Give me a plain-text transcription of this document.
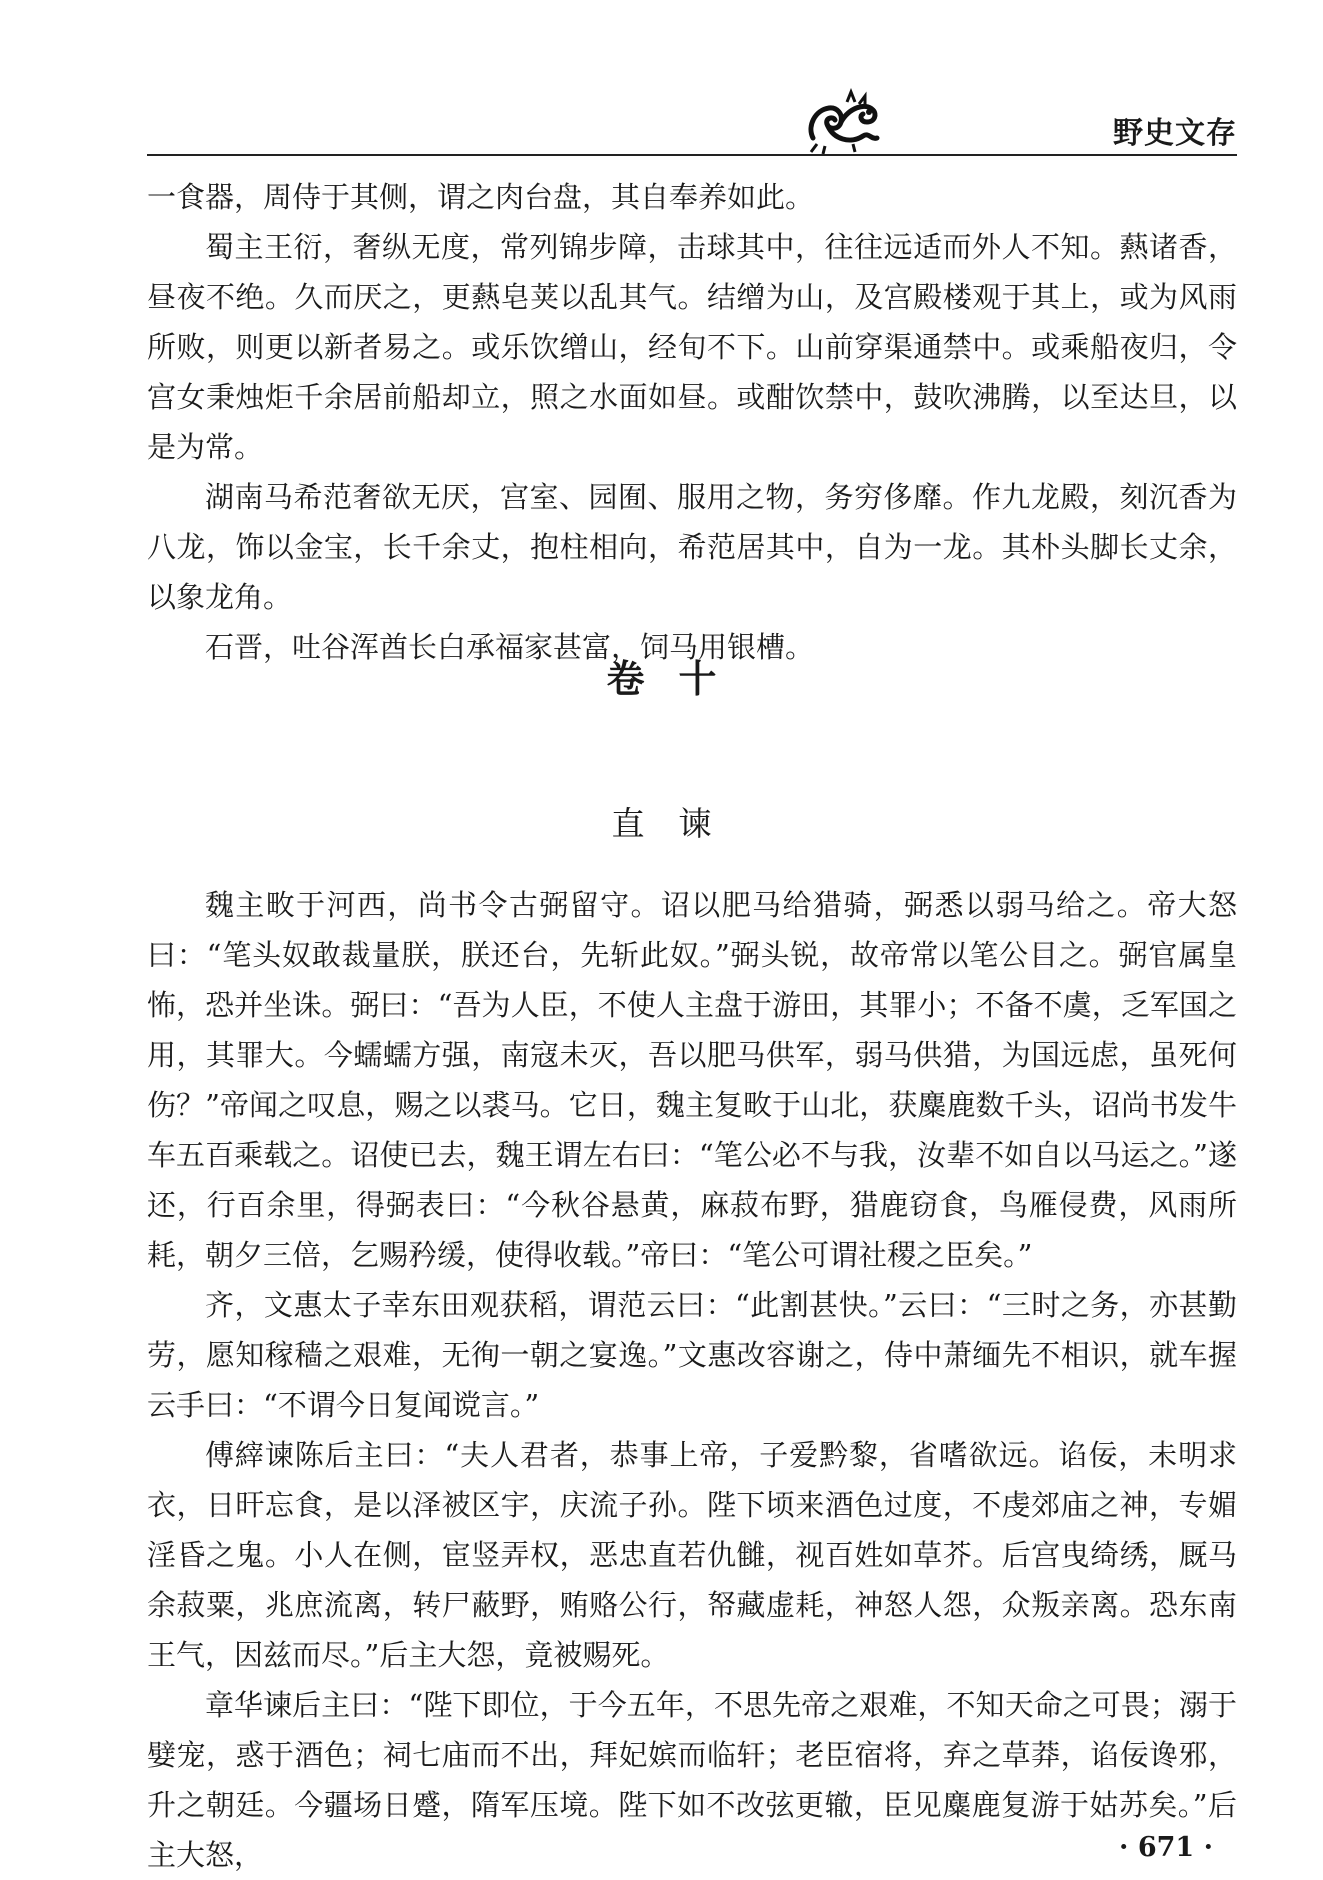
野史文存

一食器，周侍于其侧，谓之肉台盘，其自奉养如此。

蜀主王衍，奢纵无度，常列锦步障，击球其中，往往远适而外人不知。爇诸香，昼夜不绝。久而厌之，更爇皂荚以乱其气。结缯为山，及宫殿楼观于其上，或为风雨所败，则更以新者易之。或乐饮缯山，经旬不下。山前穿渠通禁中。或乘船夜归，令宫女秉烛炬千余居前船却立，照之水面如昼。或酣饮禁中，鼓吹沸腾，以至达旦，以是为常。

湖南马希范奢欲无厌，宫室、园囿、服用之物，务穷侈靡。作九龙殿，刻沉香为八龙，饰以金宝，长千余丈，抱柱相向，希范居其中，自为一龙。其朴头脚长丈余，以象龙角。

石晋，吐谷浑酋长白承福家甚富，饲马用银槽。

卷十
直谏

魏主畋于河西，尚书令古弼留守。诏以肥马给猎骑，弼悉以弱马给之。帝大怒曰：“笔头奴敢裁量朕，朕还台，先斩此奴。”弼头锐，故帝常以笔公目之。弼官属皇怖，恐并坐诛。弼曰：“吾为人臣，不使人主盘于游田，其罪小；不备不虞，乏军国之用，其罪大。今蠕蠕方强，南寇未灭，吾以肥马供军，弱马供猎，为国远虑，虽死何伤？”帝闻之叹息，赐之以裘马。它日，魏主复畋于山北，获麋鹿数千头，诏尚书发牛车五百乘载之。诏使已去，魏王谓左右曰：“笔公必不与我，汝辈不如自以马运之。”遂还，行百余里，得弼表曰：“今秋谷悬黄，麻菽布野，猎鹿窃食，鸟雁侵费，风雨所耗，朝夕三倍，乞赐矜缓，使得收载。”帝曰：“笔公可谓社稷之臣矣。”

齐，文惠太子幸东田观获稻，谓范云曰：“此割甚快。”云曰：“三时之务，亦甚勤劳，愿知稼穑之艰难，无徇一朝之宴逸。”文惠改容谢之，侍中萧缅先不相识，就车握云手曰：“不谓今日复闻谠言。”

傅縡谏陈后主曰：“夫人君者，恭事上帝，子爱黔黎，省嗜欲远。谄佞，未明求衣，日旰忘食，是以泽被区宇，庆流子孙。陛下顷来酒色过度，不虔郊庙之神，专媚淫昏之鬼。小人在侧，宦竖弄权，恶忠直若仇雠，视百姓如草芥。后宫曳绮绣，厩马余菽粟，兆庶流离，转尸蔽野，贿赂公行，帑藏虚耗，神怒人怨，众叛亲离。恐东南王气，因兹而尽。”后主大怨，竟被赐死。

章华谏后主曰：“陛下即位，于今五年，不思先帝之艰难，不知天命之可畏；溺于嬖宠，惑于酒色；祠七庙而不出，拜妃嫔而临轩；老臣宿将，弃之草莽，谄佞谗邪，升之朝廷。今疆场日蹙，隋军压境。陛下如不改弦更辙，臣见麋鹿复游于姑苏矣。”后主大怒，	· 671 ·
